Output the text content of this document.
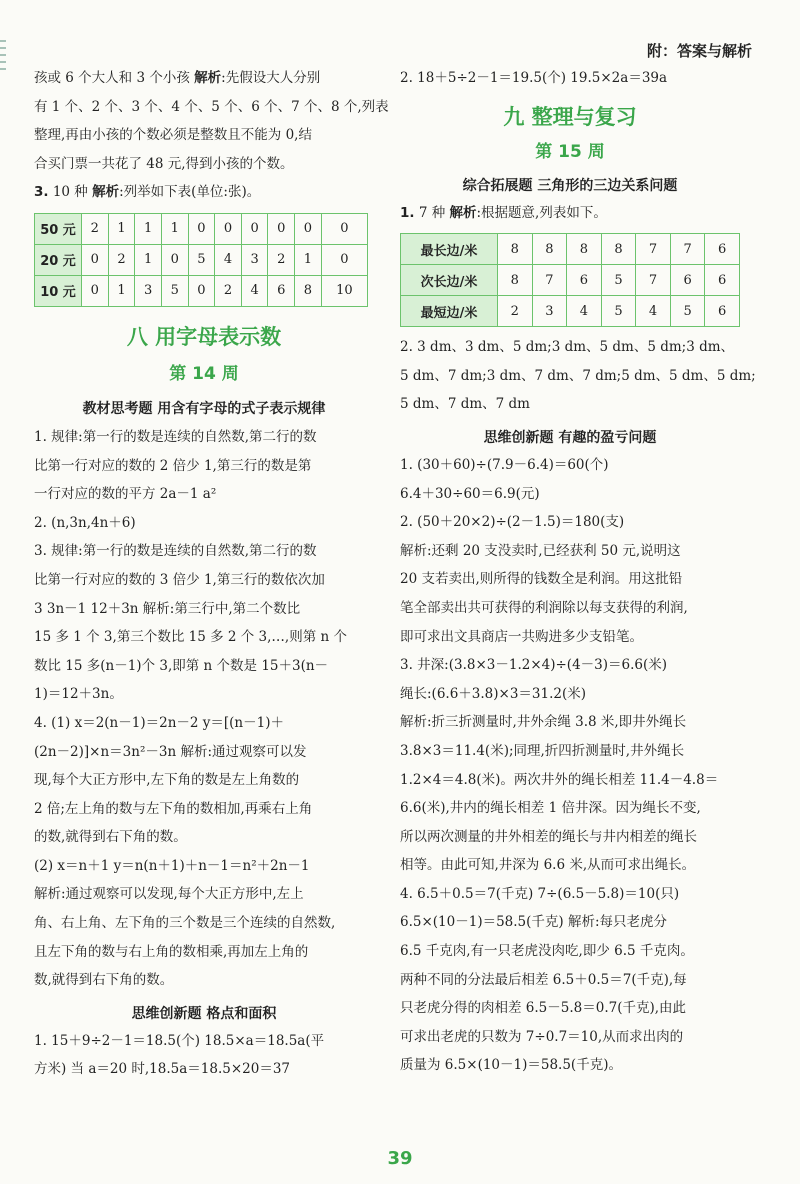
附：答案与解析

孩或 6 个大人和 3 个小孩 解析:先假设大人分别

有 1 个、2 个、3 个、4 个、5 个、6 个、7 个、8 个,列表

整理,再由小孩的个数必须是整数且不能为 0,结

合买门票一共花了 48 元,得到小孩的个数。

3. 10 种 解析:列举如下表(单位:张)。

50 元	2	1	1	1	0	0	0	0	0	0
20 元	0	2	1	0	5	4	3	2	1	0
10 元	0	1	3	5	0	2	4	6	8	10
八 用字母表示数
第 14 周
教材思考题 用含有字母的式子表示规律

1. 规律:第一行的数是连续的自然数,第二行的数

比第一行对应的数的 2 倍少 1,第三行的数是第

一行对应的数的平方 2a－1 a²

2. (n,3n,4n＋6)

3. 规律:第一行的数是连续的自然数,第二行的数

比第一行对应的数的 3 倍少 1,第三行的数依次加

3 3n－1 12＋3n 解析:第三行中,第二个数比

15 多 1 个 3,第三个数比 15 多 2 个 3,…,则第 n 个

数比 15 多(n－1)个 3,即第 n 个数是 15＋3(n－

1)＝12＋3n。

4. (1) x＝2(n－1)＝2n－2 y＝[(n－1)＋

(2n－2)]×n＝3n²－3n 解析:通过观察可以发

现,每个大正方形中,左下角的数是左上角数的

2 倍;左上角的数与左下角的数相加,再乘右上角

的数,就得到右下角的数。

(2) x＝n＋1 y＝n(n＋1)＋n－1＝n²＋2n－1

解析:通过观察可以发现,每个大正方形中,左上

角、右上角、左下角的三个数是三个连续的自然数,

且左下角的数与右上角的数相乘,再加左上角的

数,就得到右下角的数。

思维创新题 格点和面积

1. 15＋9÷2－1＝18.5(个) 18.5×a＝18.5a(平

方米) 当 a＝20 时,18.5a＝18.5×20＝37

2. 18＋5÷2－1＝19.5(个) 19.5×2a＝39a

九 整理与复习
第 15 周
综合拓展题 三角形的三边关系问题

1. 7 种 解析:根据题意,列表如下。

最长边/米	8	8	8	8	7	7	6
次长边/米	8	7	6	5	7	6	6
最短边/米	2	3	4	5	4	5	6

2. 3 dm、3 dm、5 dm;3 dm、5 dm、5 dm;3 dm、

5 dm、7 dm;3 dm、7 dm、7 dm;5 dm、5 dm、5 dm;

5 dm、7 dm、7 dm

思维创新题 有趣的盈亏问题

1. (30＋60)÷(7.9－6.4)＝60(个)

6.4＋30÷60＝6.9(元)

2. (50＋20×2)÷(2－1.5)＝180(支)

解析:还剩 20 支没卖时,已经获利 50 元,说明这

20 支若卖出,则所得的钱数全是利润。用这批铅

笔全部卖出共可获得的利润除以每支获得的利润,

即可求出文具商店一共购进多少支铅笔。

3. 井深:(3.8×3－1.2×4)÷(4－3)＝6.6(米)

绳长:(6.6＋3.8)×3＝31.2(米)

解析:折三折测量时,井外余绳 3.8 米,即井外绳长

3.8×3＝11.4(米);同理,折四折测量时,井外绳长

1.2×4＝4.8(米)。两次井外的绳长相差 11.4－4.8＝

6.6(米),井内的绳长相差 1 倍井深。因为绳长不变,

所以两次测量的井外相差的绳长与井内相差的绳长

相等。由此可知,井深为 6.6 米,从而可求出绳长。

4. 6.5＋0.5＝7(千克) 7÷(6.5－5.8)＝10(只)

6.5×(10－1)＝58.5(千克) 解析:每只老虎分

6.5 千克肉,有一只老虎没肉吃,即少 6.5 千克肉。

两种不同的分法最后相差 6.5＋0.5＝7(千克),每

只老虎分得的肉相差 6.5－5.8＝0.7(千克),由此

可求出老虎的只数为 7÷0.7＝10,从而求出肉的

质量为 6.5×(10－1)＝58.5(千克)。

39
